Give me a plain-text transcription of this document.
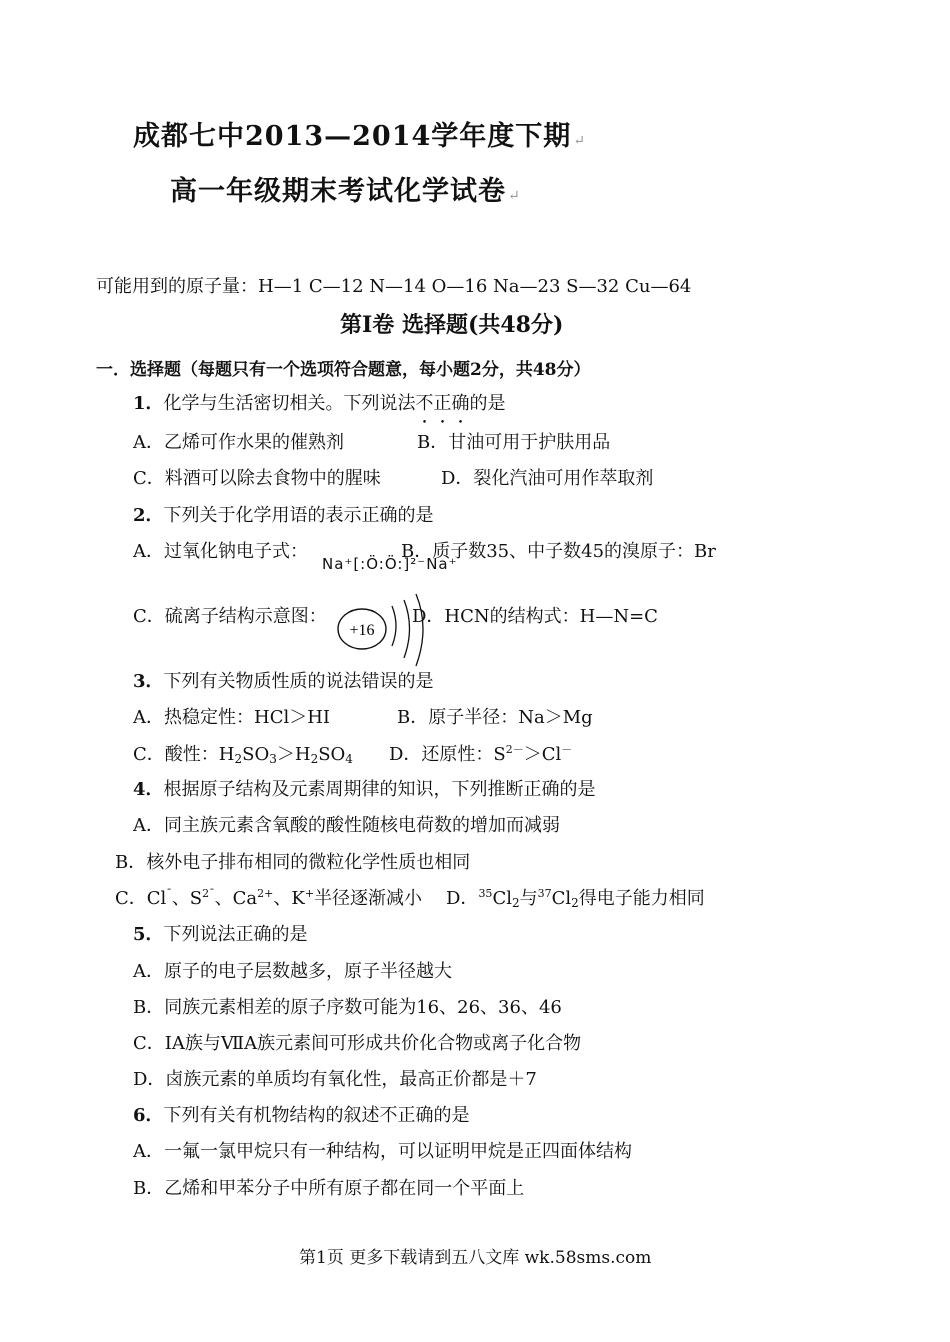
成都七中2013—2014学年度下期 ↵
高一年级期末考试化学试卷 ↵
可能用到的原子量：H—1 C—12 N—14 O—16 Na—23 S—32 Cu—64
第Ⅰ卷 选择题(共48分)
一．选择题（每题只有一个选项符合题意，每小题2分，共48分）
1．化学与生活密切相关。下列说法不正确的是
A．乙烯可作水果的催熟剂	B．甘油可用于护肤用品
C．料酒可以除去食物中的腥味	D．裂化汽油可用作萃取剂
2．下列关于化学用语的表示正确的是
A．过氧化钠电子式：
Na⁺[:Ö:Ö:]²⁻Na⁺
B．质子数35、中子数45的溴原子：Br
C．硫离子结构示意图：
+16
D．HCN的结构式：H—N=C
3．下列有关物质性质的说法错误的是
A．热稳定性：HCl＞HI	B．原子半径：Na＞Mg
C．酸性：$H_2SO_3>H_2SO_4$ D．还原性：$S^{2-}>Cl^-$
4．根据原子结构及元素周期律的知识，下列推断正确的是
A．同主族元素含氧酸的酸性随核电荷数的增加而减弱
B．核外电子排布相同的微粒化学性质也相同
C．Cl¯、$S^{2¯}$、$Ca^{2+}$、K+半径逐渐减小 D．$^{35}Cl_2$与$^{37}Cl_2$得电子能力相同
5．下列说法正确的是
A．原子的电子层数越多，原子半径越大
B．同族元素相差的原子序数可能为16、26、36、46
C．ⅠA族与ⅦA族元素间可形成共价化合物或离子化合物
D．卤族元素的单质均有氧化性，最高正价都是＋7
6．下列有关有机物结构的叙述不正确的是
A．一氟一氯甲烷只有一种结构，可以证明甲烷是正四面体结构
B．乙烯和甲苯分子中所有原子都在同一个平面上
第1页 更多下载请到五八文库 wk.58sms.com
